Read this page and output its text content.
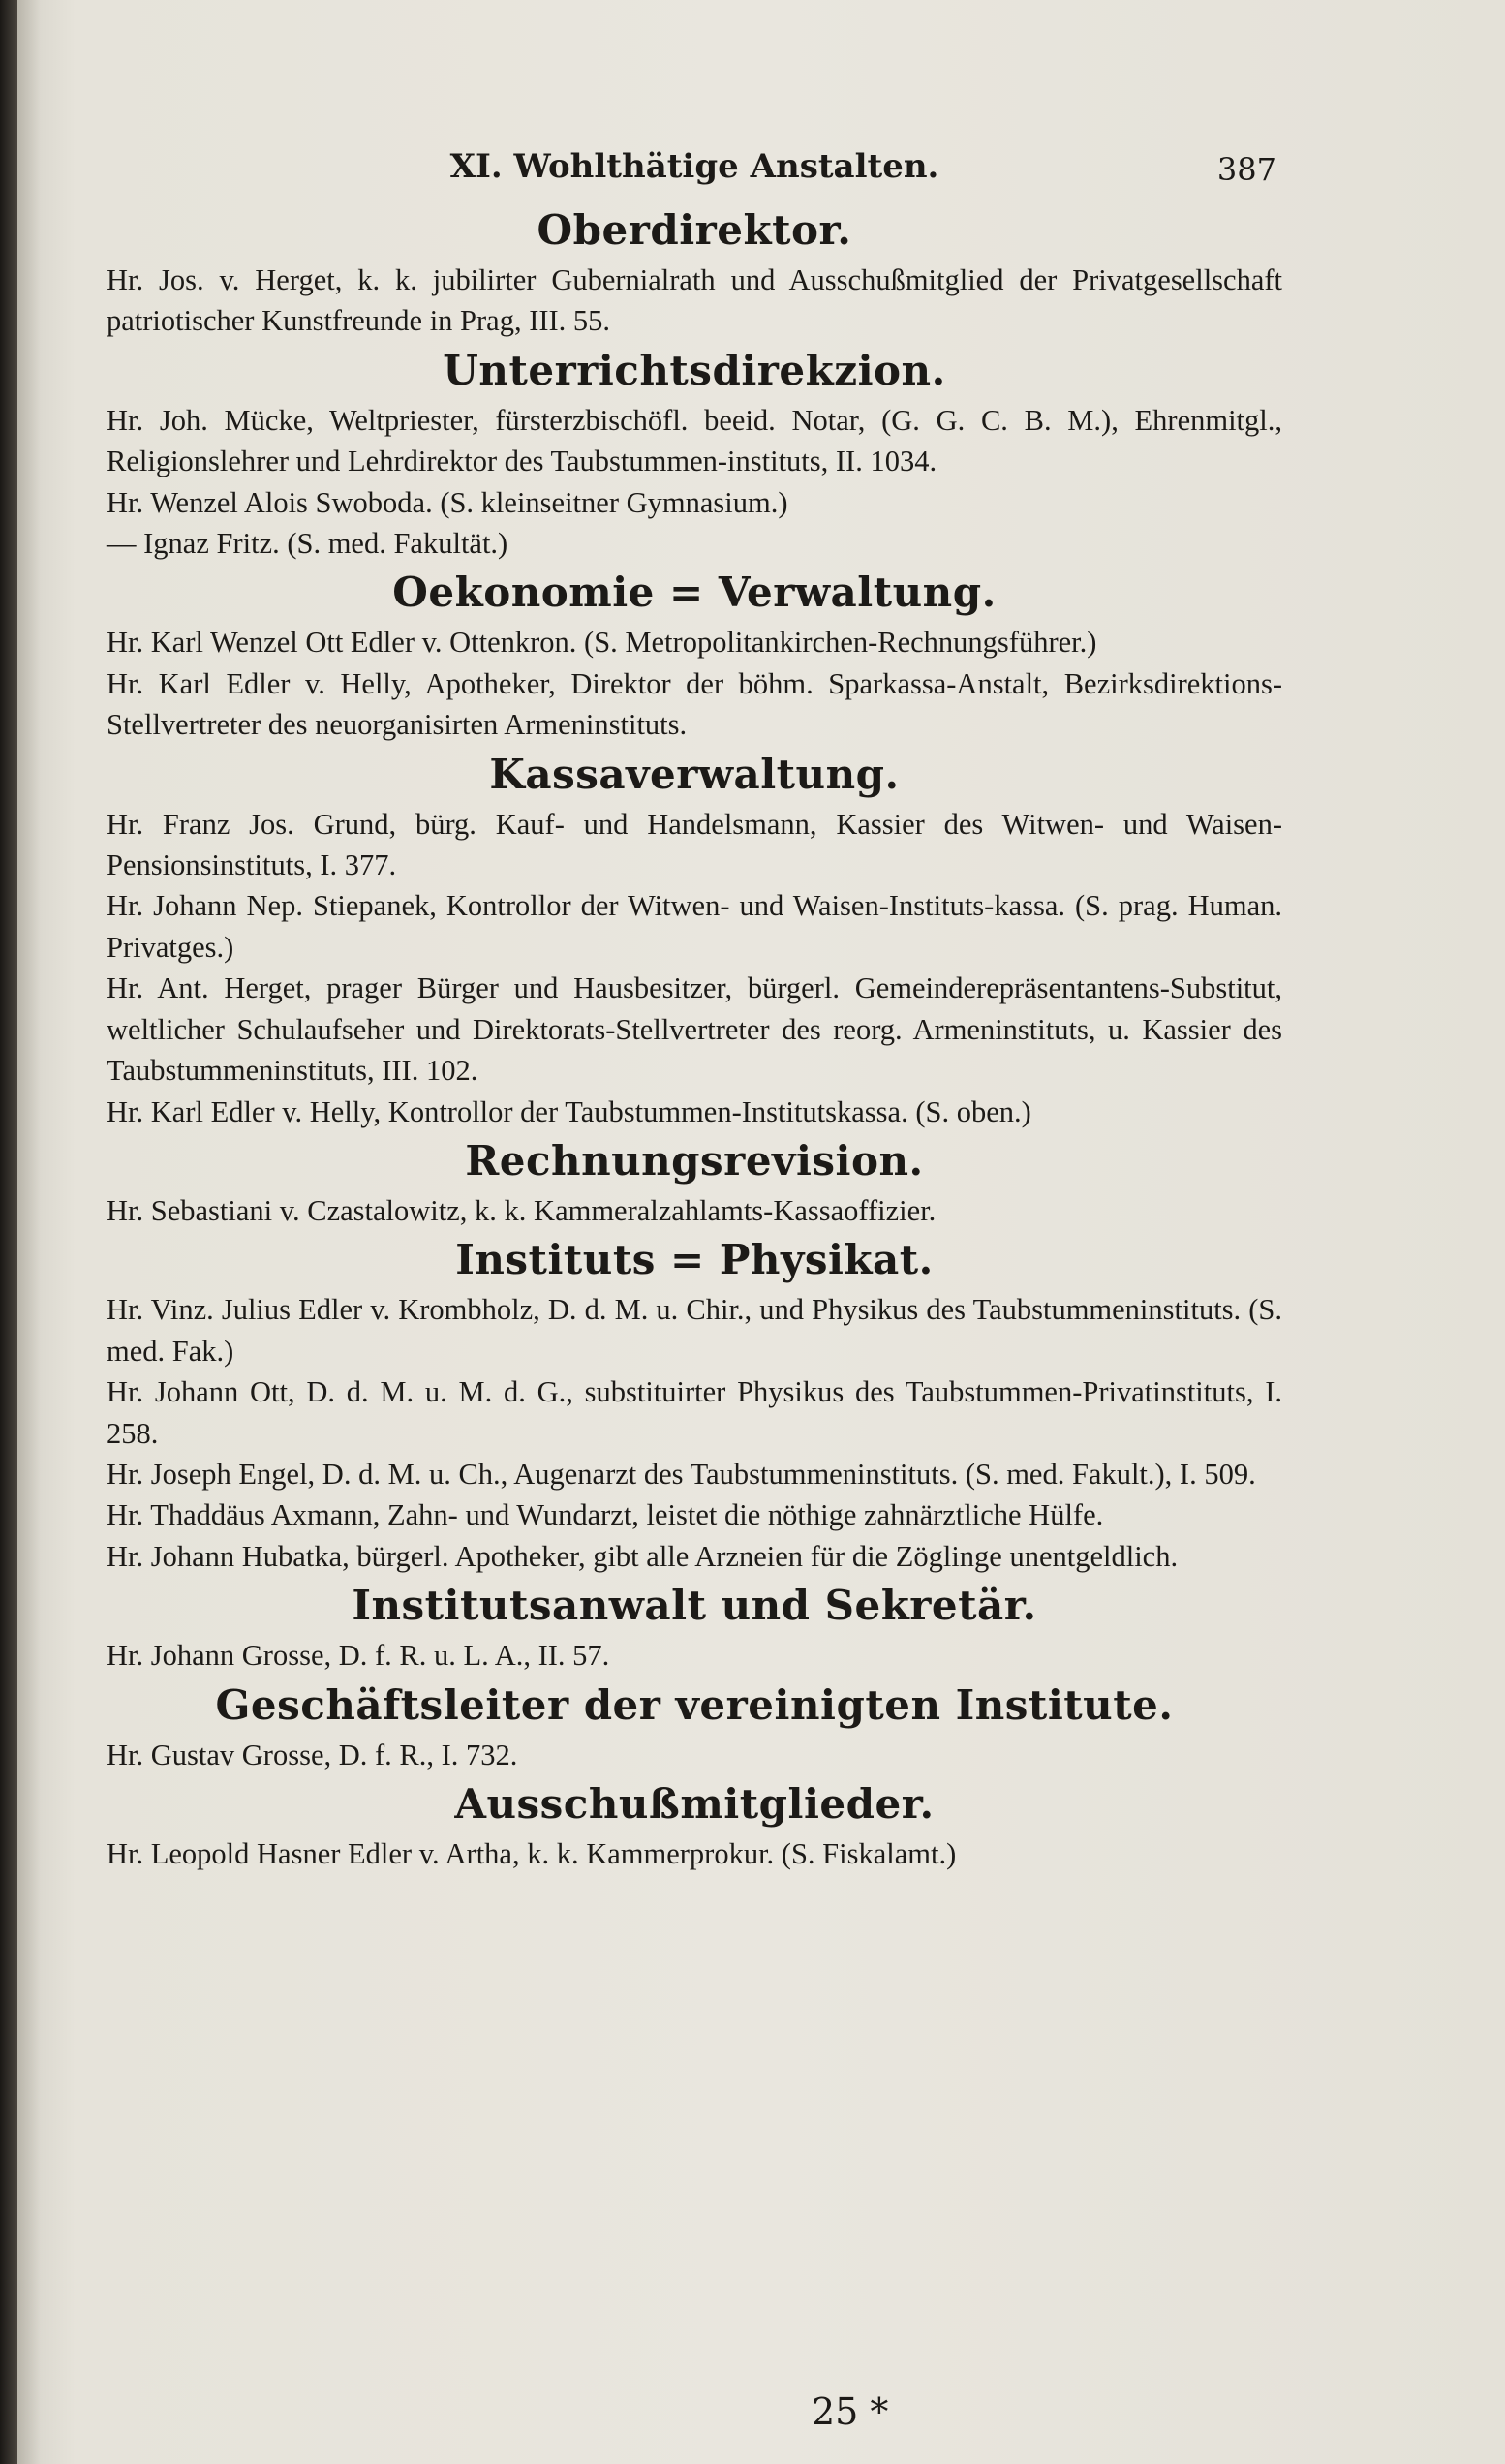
XI. Wohlthätige Anstalten.	387
Oberdirektor.

Hr. Jos. v. Herget, k. k. jubilirter Gubernialrath und Ausschußmitglied der Privatgesellschaft patriotischer Kunstfreunde in Prag, III. 55.

Unterrichtsdirekzion.

Hr. Joh. Mücke, Weltpriester, fürsterzbischöfl. beeid. Notar, (G. G. C. B. M.), Ehrenmitgl., Religionslehrer und Lehrdirektor des Taubstummen-instituts, II. 1034.

Hr. Wenzel Alois Swoboda. (S. kleinseitner Gymnasium.)

— Ignaz Fritz. (S. med. Fakultät.)

Oekonomie = Verwaltung.

Hr. Karl Wenzel Ott Edler v. Ottenkron. (S. Metropolitankirchen-Rechnungsführer.)

Hr. Karl Edler v. Helly, Apotheker, Direktor der böhm. Sparkassa-Anstalt, Bezirksdirektions-Stellvertreter des neuorganisirten Armeninstituts.

Kassaverwaltung.

Hr. Franz Jos. Grund, bürg. Kauf- und Handelsmann, Kassier des Witwen- und Waisen-Pensionsinstituts, I. 377.

Hr. Johann Nep. Stiepanek, Kontrollor der Witwen- und Waisen-Instituts-kassa. (S. prag. Human. Privatges.)

Hr. Ant. Herget, prager Bürger und Hausbesitzer, bürgerl. Gemeinderepräsentantens-Substitut, weltlicher Schulaufseher und Direktorats-Stellvertreter des reorg. Armeninstituts, u. Kassier des Taubstummeninstituts, III. 102.

Hr. Karl Edler v. Helly, Kontrollor der Taubstummen-Institutskassa. (S. oben.)

Rechnungsrevision.

Hr. Sebastiani v. Czastalowitz, k. k. Kammeralzahlamts-Kassaoffizier.

Instituts = Physikat.

Hr. Vinz. Julius Edler v. Krombholz, D. d. M. u. Chir., und Physikus des Taubstummeninstituts. (S. med. Fak.)

Hr. Johann Ott, D. d. M. u. M. d. G., substituirter Physikus des Taubstummen-Privatinstituts, I. 258.

Hr. Joseph Engel, D. d. M. u. Ch., Augenarzt des Taubstummeninstituts. (S. med. Fakult.), I. 509.

Hr. Thaddäus Axmann, Zahn- und Wundarzt, leistet die nöthige zahnärztliche Hülfe.

Hr. Johann Hubatka, bürgerl. Apotheker, gibt alle Arzneien für die Zöglinge unentgeldlich.

Institutsanwalt und Sekretär.

Hr. Johann Grosse, D. f. R. u. L. A., II. 57.

Geschäftsleiter der vereinigten Institute.

Hr. Gustav Grosse, D. f. R., I. 732.

Ausschußmitglieder.

Hr. Leopold Hasner Edler v. Artha, k. k. Kammerprokur. (S. Fiskalamt.)

25 *
